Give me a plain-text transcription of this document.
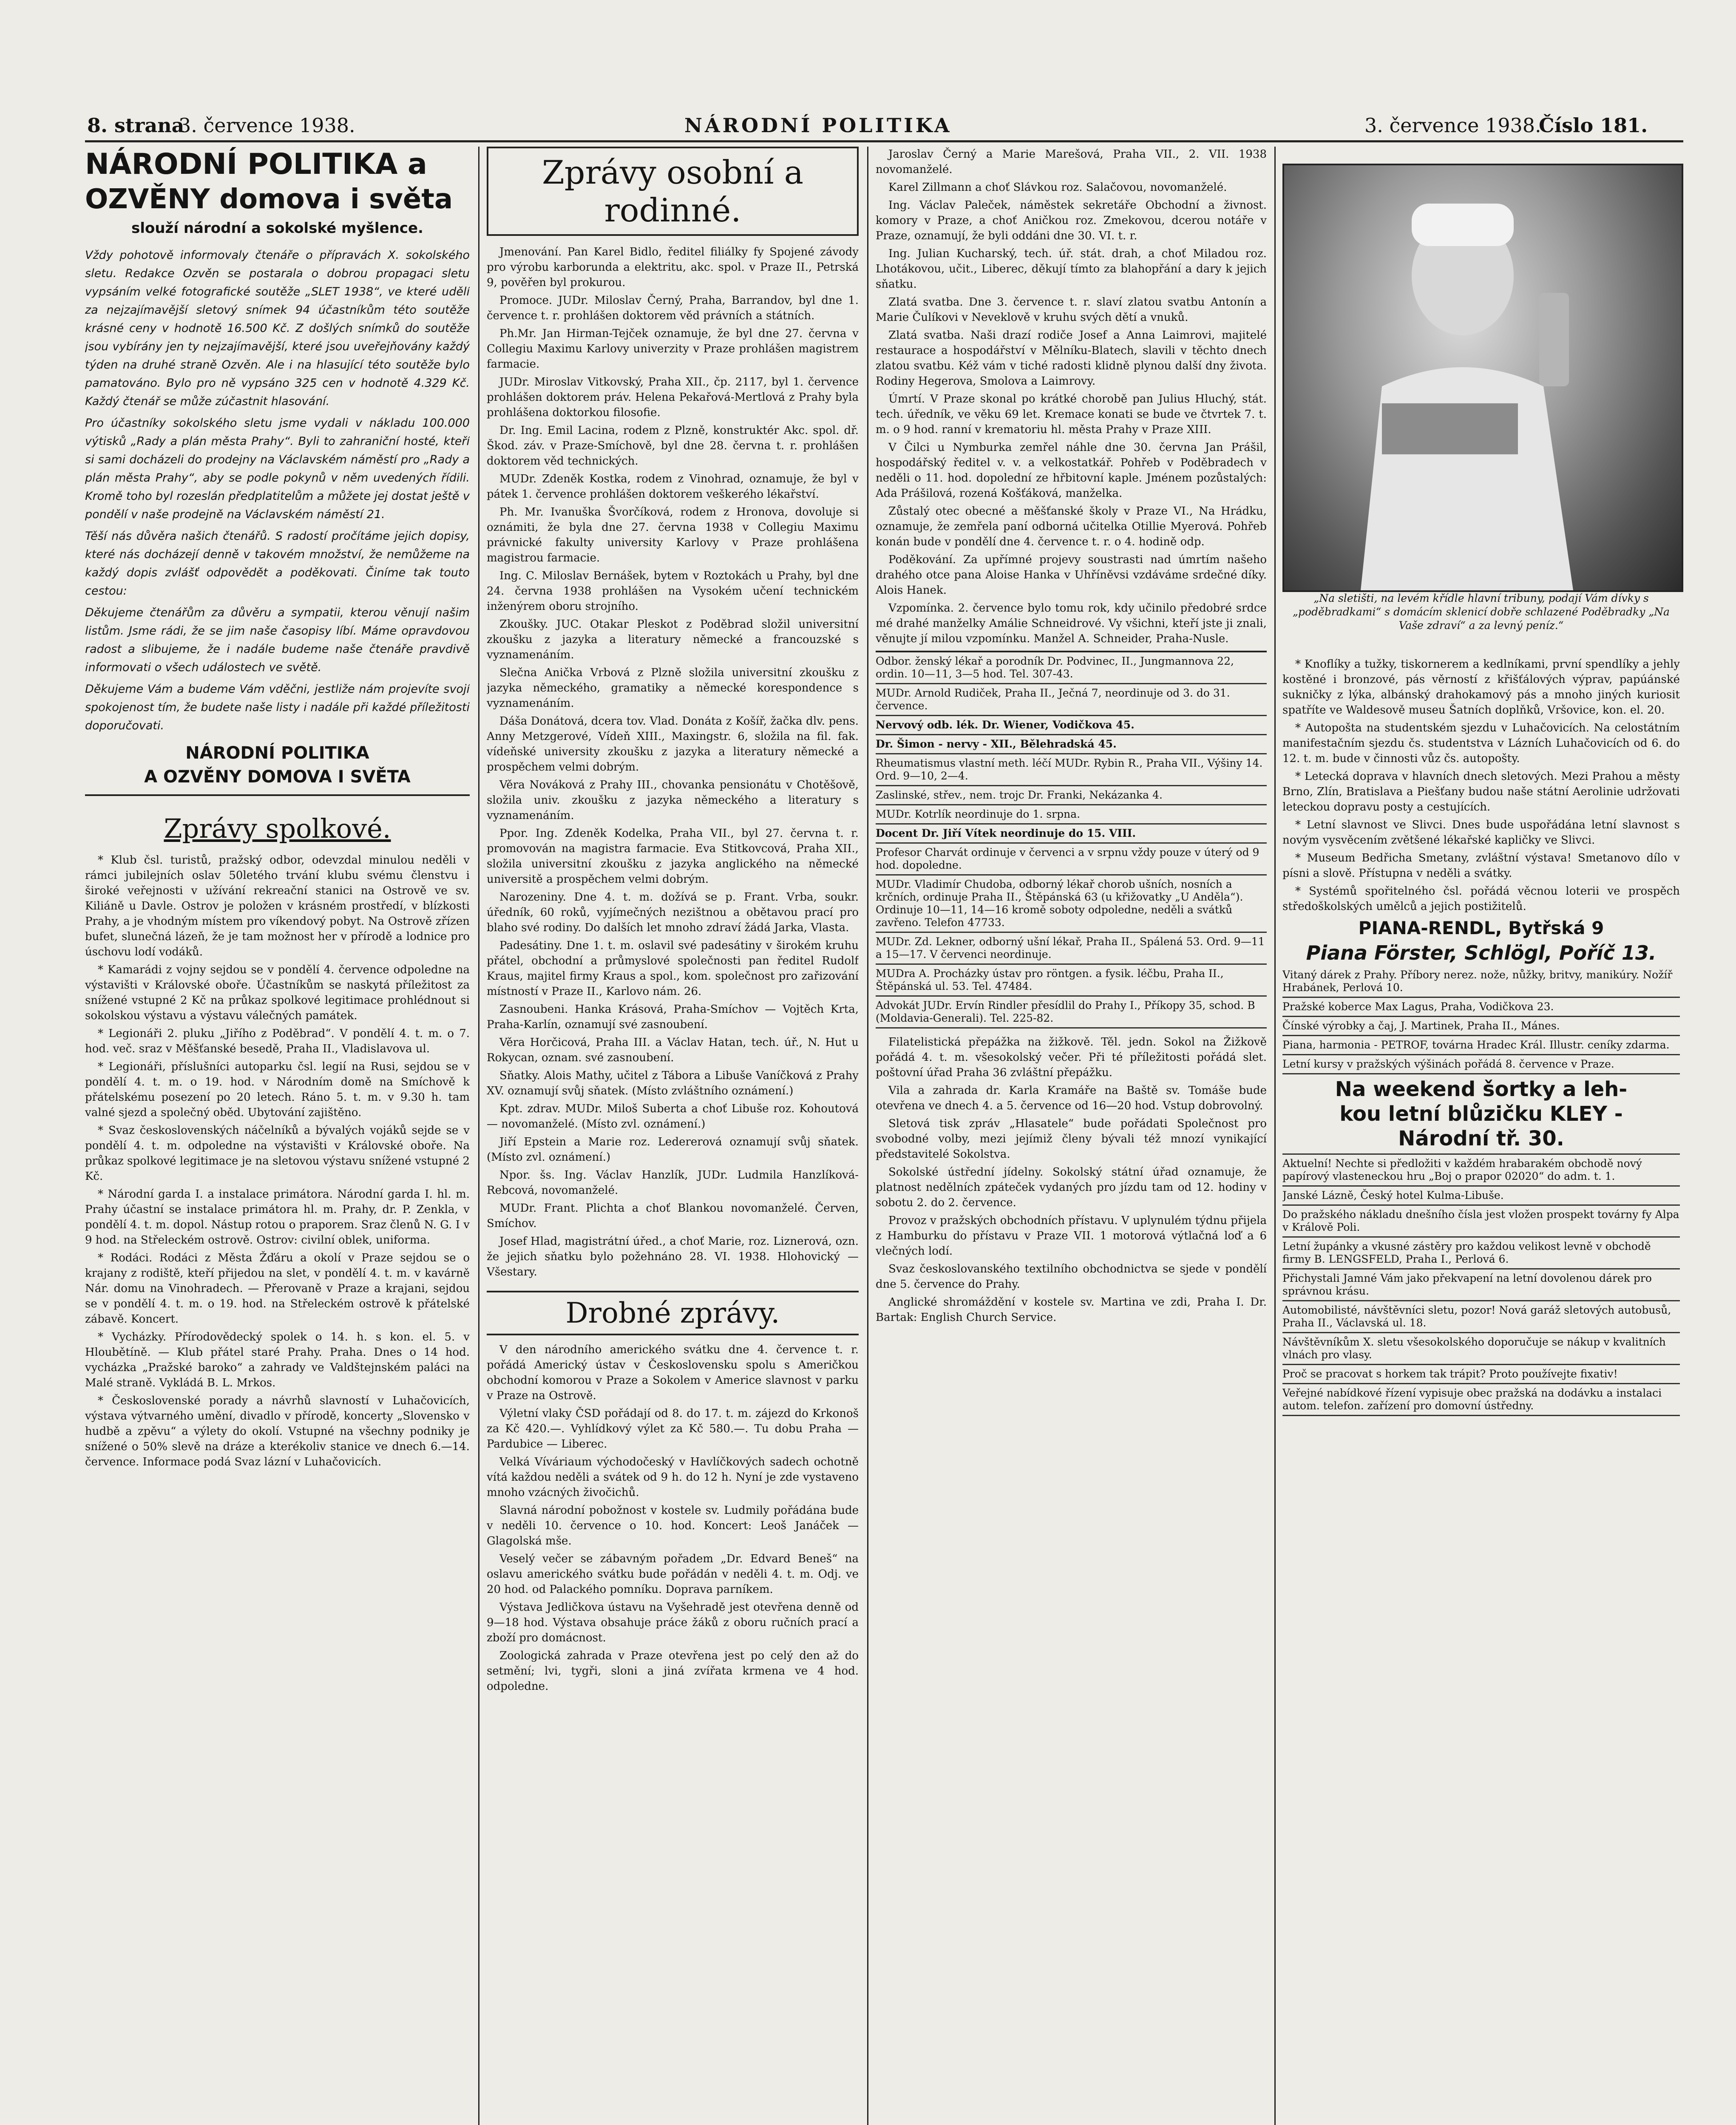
8. strana
3. července 1938.	NÁRODNÍ POLITIKA	3. července 1938.
Číslo 181.
NÁRODNÍ POLITIKA a
OZVĚNY domova i světa
slouží národní a sokolské myšlence.

Vždy pohotově informovaly čtenáře o přípravách X. sokolského sletu. Redakce Ozvěn se postarala o dobrou propagaci sletu vypsáním velké fotografické soutěže „SLET 1938“, ve které udělí za nejzajímavější sletový snímek 94 účastníkům této soutěže krásné ceny v hodnotě 16.500 Kč. Z došlých snímků do soutěže jsou vybírány jen ty nejzajímavější, které jsou uveřejňovány každý týden na druhé straně Ozvěn. Ale i na hlasující této soutěže bylo pamatováno. Bylo pro ně vypsáno 325 cen v hodnotě 4.329 Kč. Každý čtenář se může zúčastnit hlasování.

Pro účastníky sokolského sletu jsme vydali v nákladu 100.000 výtisků „Rady a plán města Prahy“. Byli to zahraniční hosté, kteří si sami docházeli do prodejny na Václavském náměstí pro „Rady a plán města Prahy“, aby se podle pokynů v něm uvedených řídili. Kromě toho byl rozeslán předplatitelům a můžete jej dostat ještě v pondělí v naše prodejně na Václavském náměstí 21.

Těší nás důvěra našich čtenářů. S radostí pročítáme jejich dopisy, které nás docházejí denně v takovém množství, že nemůžeme na každý dopis zvlášť odpovědět a poděkovati. Činíme tak touto cestou:

Děkujeme čtenářům za důvěru a sympatii, kterou věnují našim listům. Jsme rádi, že se jim naše časopisy líbí. Máme opravdovou radost a slibujeme, že i nadále budeme naše čtenáře pravdivě informovati o všech událostech ve světě.

Děkujeme Vám a budeme Vám vděčni, jestliže nám projevíte svojí spokojenost tím, že budete naše listy i nadále při každé příležitosti doporučovati.

NÁRODNÍ POLITIKA
A OZVĚNY DOMOVA I SVĚTA
Zprávy spolkové.

* Klub čsl. turistů, pražský odbor, odevzdal minulou neděli v rámci jubilejních oslav 50letého trvání klubu svému členstvu i široké veřejnosti v užívání rekreační stanici na Ostrově ve sv. Kiliáně u Davle. Ostrov je položen v krásném prostředí, v blízkosti Prahy, a je vhodným místem pro víkendový pobyt. Na Ostrově zřízen bufet, slunečná lázeň, že je tam možnost her v přírodě a lodnice pro úschovu lodí vodáků.

* Kamarádi z vojny sejdou se v pondělí 4. července odpoledne na výstavišti v Královské oboře. Účastníkům se naskytá příležitost za snížené vstupné 2 Kč na průkaz spolkové legitimace prohlédnout si sokolskou výstavu a výstavu válečných památek.

* Legionáři 2. pluku „Jiřího z Poděbrad“. V pondělí 4. t. m. o 7. hod. več. sraz v Měšťanské besedě, Praha II., Vladislavova ul.

* Legionáři, příslušníci autoparku čsl. legií na Rusi, sejdou se v pondělí 4. t. m. o 19. hod. v Národním domě na Smíchově k přátelskému posezení po 20 letech. Ráno 5. t. m. v 9.30 h. tam valné sjezd a společný oběd. Ubytování zajištěno.

* Svaz československých náčelníků a bývalých vojáků sejde se v pondělí 4. t. m. odpoledne na výstavišti v Královské oboře. Na průkaz spolkové legitimace je na sletovou výstavu snížené vstupné 2 Kč.

* Národní garda I. a instalace primátora. Národní garda I. hl. m. Prahy účastní se instalace primátora hl. m. Prahy, dr. P. Zenkla, v pondělí 4. t. m. dopol. Nástup rotou o praporem. Sraz členů N. G. I v 9 hod. na Střeleckém ostrově. Ostrov: civilní oblek, uniforma.

* Rodáci. Rodáci z Města Žďáru a okolí v Praze sejdou se o krajany z rodiště, kteří přijedou na slet, v pondělí 4. t. m. v kavárně Nár. domu na Vinohradech. — Přerovaně v Praze a krajani, sejdou se v pondělí 4. t. m. o 19. hod. na Střeleckém ostrově k přátelské zábavě. Koncert.

* Vycházky. Přírodovědecký spolek o 14. h. s kon. el. 5. v Hloubětíně. — Klub přátel staré Prahy. Praha. Dnes o 14 hod. vycházka „Pražské baroko“ a zahrady ve Valdštejnském paláci na Malé straně. Vykládá B. L. Mrkos.

* Československé porady a návrhů slavností v Luhačovicích, výstava výtvarného umění, divadlo v přírodě, koncerty „Slovensko v hudbě a zpěvu“ a výlety do okolí. Vstupné na všechny podniky je snížené o 50% slevě na dráze a kterékoliv stanice ve dnech 6.—14. července. Informace podá Svaz lázní v Luhačovicích.

Zprávy osobní a rodinné.

Jmenování. Pan Karel Bidlo, ředitel filiálky fy Spojené závody pro výrobu karborunda a elektritu, akc. spol. v Praze II., Petrská 9, pověřen byl prokurou.

Promoce. JUDr. Miloslav Černý, Praha, Barrandov, byl dne 1. července t. r. prohlášen doktorem věd právních a státních.

Ph.Mr. Jan Hirman-Tejček oznamuje, že byl dne 27. června v Collegiu Maximu Karlovy univerzity v Praze prohlášen magistrem farmacie.

JUDr. Miroslav Vitkovský, Praha XII., čp. 2117, byl 1. července prohlášen doktorem práv. Helena Pekařová-Mertlová z Prahy byla prohlášena doktorkou filosofie.

Dr. Ing. Emil Lacina, rodem z Plzně, konstruktér Akc. spol. dř. Škod. záv. v Praze-Smíchově, byl dne 28. června t. r. prohlášen doktorem věd technických.

MUDr. Zdeněk Kostka, rodem z Vinohrad, oznamuje, že byl v pátek 1. července prohlášen doktorem veškerého lékařství.

Ph. Mr. Ivanuška Švorčíková, rodem z Hronova, dovoluje si oznámiti, že byla dne 27. června 1938 v Collegiu Maximu právnické fakulty university Karlovy v Praze prohlášena magistrou farmacie.

Ing. C. Miloslav Bernášek, bytem v Roztokách u Prahy, byl dne 24. června 1938 prohlášen na Vysokém učení technickém inženýrem oboru strojního.

Zkoušky. JUC. Otakar Pleskot z Poděbrad složil universitní zkoušku z jazyka a literatury německé a francouzské s vyznamenáním.

Slečna Anička Vrbová z Plzně složila universitní zkoušku z jazyka německého, gramatiky a německé korespondence s vyznamenáním.

Dáša Donátová, dcera tov. Vlad. Donáta z Košíř, žačka dlv. pens. Anny Metzgerové, Vídeň XIII., Maxingstr. 6, složila na fil. fak. vídeňské university zkoušku z jazyka a literatury německé a prospěchem velmi dobrým.

Věra Nováková z Prahy III., chovanka pensionátu v Chotěšově, složila univ. zkoušku z jazyka německého a literatury s vyznamenáním.

Ppor. Ing. Zdeněk Kodelka, Praha VII., byl 27. června t. r. promovován na magistra farmacie. Eva Stitkovcová, Praha XII., složila universitní zkoušku z jazyka anglického na německé universitě a prospěchem velmi dobrým.

Narozeniny. Dne 4. t. m. dožívá se p. Frant. Vrba, soukr. úředník, 60 roků, vyjímečných nezištnou a obětavou prací pro blaho své rodiny. Do dalších let mnoho zdraví žádá Jarka, Vlasta.

Padesátiny. Dne 1. t. m. oslavil své padesátiny v širokém kruhu přátel, obchodní a průmyslové společnosti pan ředitel Rudolf Kraus, majitel firmy Kraus a spol., kom. společnost pro zařizování místností v Praze II., Karlovo nám. 26.

Zasnoubeni. Hanka Krásová, Praha-Smíchov — Vojtěch Krta, Praha-Karlín, oznamují své zasnoubení.

Věra Horčicová, Praha III. a Václav Hatan, tech. úř., N. Hut u Rokycan, oznam. své zasnoubení.

Sňatky. Alois Mathy, učitel z Tábora a Libuše Vaníčková z Prahy XV. oznamují svůj sňatek. (Místo zvláštního oznámení.)

Kpt. zdrav. MUDr. Miloš Suberta a choť Libuše roz. Kohoutová — novomanželé. (Místo zvl. oznámení.)

Jiří Epstein a Marie roz. Ledererová oznamují svůj sňatek. (Místo zvl. oznámení.)

Npor. šs. Ing. Václav Hanzlík, JUDr. Ludmila Hanzlíková-Rebcová, novomanželé.

MUDr. Frant. Plichta a choť Blankou novomanželé. Červen, Smíchov.

Josef Hlad, magistrátní úřed., a choť Marie, roz. Liznerová, ozn. že jejich sňatku bylo požehnáno 28. VI. 1938. Hlohovický — Všestary.

Drobné zprávy.

V den národního amerického svátku dne 4. července t. r. pořádá Americký ústav v Československu spolu s Američkou obchodní komorou v Praze a Sokolem v Americe slavnost v parku v Praze na Ostrově.

Výletní vlaky ČSD pořádají od 8. do 17. t. m. zájezd do Krkonoš za Kč 420.—. Vyhlídkový výlet za Kč 580.—. Tu dobu Praha — Pardubice — Liberec.

Velká Víváriaum východočeský v Havlíčkových sadech ochotně vítá každou neděli a svátek od 9 h. do 12 h. Nyní je zde vystaveno mnoho vzácných živočichů.

Slavná národní pobožnost v kostele sv. Ludmily pořádána bude v neděli 10. července o 10. hod. Koncert: Leoš Janáček — Glagolská mše.

Veselý večer se zábavným pořadem „Dr. Edvard Beneš“ na oslavu amerického svátku bude pořádán v neděli 4. t. m. Odj. ve 20 hod. od Palackého pomníku. Doprava parníkem.

Výstava Jedličkova ústavu na Vyšehradě jest otevřena denně od 9—18 hod. Výstava obsahuje práce žáků z oboru ručních prací a zboží pro domácnost.

Zoologická zahrada v Praze otevřena jest po celý den až do setmění; lvi, tygři, sloni a jiná zvířata krmena ve 4 hod. odpoledne.

Jaroslav Černý a Marie Marešová, Praha VII., 2. VII. 1938 novomanželé.

Karel Zillmann a choť Slávkou roz. Salačovou, novomanželé.

Ing. Václav Paleček, náměstek sekretáře Obchodní a živnost. komory v Praze, a choť Aničkou roz. Zmekovou, dcerou notáře v Praze, oznamují, že byli oddáni dne 30. VI. t. r.

Ing. Julian Kucharský, tech. úř. stát. drah, a choť Miladou roz. Lhotákovou, učit., Liberec, děkují tímto za blahopřání a dary k jejich sňatku.

Zlatá svatba. Dne 3. července t. r. slaví zlatou svatbu Antonín a Marie Čulíkovi v Neveklově v kruhu svých dětí a vnuků.

Zlatá svatba. Naši drazí rodiče Josef a Anna Laimrovi, majitelé restaurace a hospodářství v Mělníku-Blatech, slavili v těchto dnech zlatou svatbu. Kéž vám v tiché radosti klidně plynou další dny života. Rodiny Hegerova, Smolova a Laimrovy.

Úmrtí. V Praze skonal po krátké chorobě pan Julius Hluchý, stát. tech. úředník, ve věku 69 let. Kremace konati se bude ve čtvrtek 7. t. m. o 9 hod. ranní v krematoriu hl. města Prahy v Praze XIII.

V Čilci u Nymburka zemřel náhle dne 30. června Jan Prášil, hospodářský ředitel v. v. a velkostatkář. Pohřeb v Poděbradech v neděli o 11. hod. dopolední ze hřbitovní kaple. Jménem pozůstalých: Ada Prášilová, rozená Košťáková, manželka.

Zůstalý otec obecné a měšťanské školy v Praze VI., Na Hrádku, oznamuje, že zemřela paní odborná učitelka Otillie Myerová. Pohřeb konán bude v pondělí dne 4. července t. r. o 4. hodině odp.

Poděkování. Za upřímné projevy soustrasti nad úmrtím našeho drahého otce pana Aloise Hanka v Uhříněvsi vzdáváme srdečné díky. Alois Hanek.

Vzpomínka. 2. července bylo tomu rok, kdy učinilo předobré srdce mé drahé manželky Amálie Schneidrové. Vy všichni, kteří jste ji znali, věnujte jí milou vzpomínku. Manžel A. Schneider, Praha-Nusle.

Odbor. ženský lékař a porodník Dr. Podvinec, II., Jungmannova 22, ordin. 10—11, 3—5 hod. Tel. 307-43.
MUDr. Arnold Rudiček, Praha II., Ječná 7, neordinuje od 3. do 31. července.
Nervový odb. lék. Dr. Wiener, Vodičkova 45.
Dr. Šimon - nervy - XII., Bělehradská 45.
Rheumatismus vlastní meth. léčí MUDr. Rybin R., Praha VII., Výšiny 14. Ord. 9—10, 2—4.
Zaslinské, střev., nem. trojc Dr. Franki, Nekázanka 4.
MUDr. Kotrlík neordinuje do 1. srpna.
Docent Dr. Jiří Vítek neordinuje do 15. VIII.
Profesor Charvát ordinuje v červenci a v srpnu vždy pouze v úterý od 9 hod. dopoledne.
MUDr. Vladimír Chudoba, odborný lékař chorob ušních, nosních a krčních, ordinuje Praha II., Štěpánská 63 (u křižovatky „U Anděla“). Ordinuje 10—11, 14—16 kromě soboty odpoledne, neděli a svátků zavřeno. Telefon 47733.
MUDr. Zd. Lekner, odborný ušní lékař, Praha II., Spálená 53. Ord. 9—11 a 15—17. V červenci neordinuje.
MUDra A. Procházky ústav pro röntgen. a fysik. léčbu, Praha II., Štěpánská ul. 53. Tel. 47484.
Advokát JUDr. Ervín Rindler přesídlil do Prahy I., Příkopy 35, schod. B (Moldavia-Generali). Tel. 225-82.

Filatelistická přepážka na žižkově. Těl. jedn. Sokol na Žižkově pořádá 4. t. m. všesokolský večer. Při té příležitosti pořádá slet. poštovní úřad Praha 36 zvláštní přepážku.

Vila a zahrada dr. Karla Kramáře na Baště sv. Tomáše bude otevřena ve dnech 4. a 5. července od 16—20 hod. Vstup dobrovolný.

Sletová tisk zpráv „Hlasatele“ bude pořádati Společnost pro svobodné volby, mezi jejímiž členy bývali též mnozí vynikající představitelé Sokolstva.

Sokolské ústřední jídelny. Sokolský státní úřad oznamuje, že platnost nedělních zpáteček vydaných pro jízdu tam od 12. hodiny v sobotu 2. do 2. července.

Provoz v pražských obchodních přístavu. V uplynulém týdnu přijela z Hamburku do přístavu v Praze VII. 1 motorová výtlačná loď a 6 vlečných lodí.

Svaz českoslovanského textilního obchodnictva se sjede v pondělí dne 5. července do Prahy.

Anglické shromáždění v kostele sv. Martina ve zdi, Praha I. Dr. Bartak: English Church Service.

„Na sletišti, na levém křídle hlavní tribuny, podají Vám dívky s „poděbradkami“ s domácím sklenicí dobře schlazené Poděbradky „Na Vaše zdraví“ a za levný peníz.“

* Knoflíky a tužky, tiskornerem a kedlníkami, první spendlíky a jehly kostěné i bronzové, pás věrností z křišťálových výprav, papúánské sukničky z lýka, albánský drahokamový pás a mnoho jiných kuriosit spatříte ve Waldesově museu Šatních doplňků, Vršovice, kon. el. 20.

* Autopošta na studentském sjezdu v Luhačovicích. Na celostátním manifestačním sjezdu čs. studentstva v Lázních Luhačovicích od 6. do 12. t. m. bude v činnosti vůz čs. autopošty.

* Letecká doprava v hlavních dnech sletových. Mezi Prahou a městy Brno, Zlín, Bratislava a Piešťany budou naše státní Aerolinie udržovati leteckou dopravu posty a cestujících.

* Letní slavnost ve Slivci. Dnes bude uspořádána letní slavnost s novým vysvěcením zvětšené lékařské kapličky ve Slivci.

* Museum Bedřicha Smetany, zvláštní výstava! Smetanovo dílo v písni a slově. Přístupna v neděli a svátky.

* Systémů spořitelného čsl. pořádá věcnou loterii ve prospěch středoškolských umělců a jejich postižitelů.

PIANA-RENDL, Bytřská 9
Piana Förster, Schlögl, Poříč 13.
Vitaný dárek z Prahy. Příbory nerez. nože, nůžky, britvy, manikúry. Nožíř Hrabánek, Perlová 10.
Pražské koberce Max Lagus, Praha, Vodičkova 23.
Čínské výrobky a čaj, J. Martinek, Praha II., Mánes.
Piana, harmonia - PETROF, továrna Hradec Král. Illustr. ceníky zdarma.
Letní kursy v pražských výšinách pořádá 8. července v Praze.
Na weekend šortky a leh-
kou letní blůzičku KLEY -
Národní tř. 30.
Aktuelní! Nechte si předložiti v každém hrabarakém obchodě nový papírový vlasteneckou hru „Boj o prapor 02020“ do adm. t. 1.
Janské Lázně, Český hotel Kulma-Libuše.
Do pražského nákladu dnešního čísla jest vložen prospekt továrny fy Alpa v Králově Poli.
Letní župánky a vkusné zástěry pro každou velikost levně v obchodě firmy B. LENGSFELD, Praha I., Perlová 6.
Přichystali Jamné Vám jako překvapení na letní dovolenou dárek pro správnou krásu.
Automobilisté, návštěvníci sletu, pozor! Nová garáž sletových autobusů, Praha II., Václavská ul. 18.
Návštěvníkům X. sletu všesokolského doporučuje se nákup v kvalitních vlnách pro vlasy.
Proč se pracovat s horkem tak trápit? Proto používejte fixativ!
Veřejné nabídkové řízení vypisuje obec pražská na dodávku a instalaci autom. telefon. zařízení pro domovní ústředny.
